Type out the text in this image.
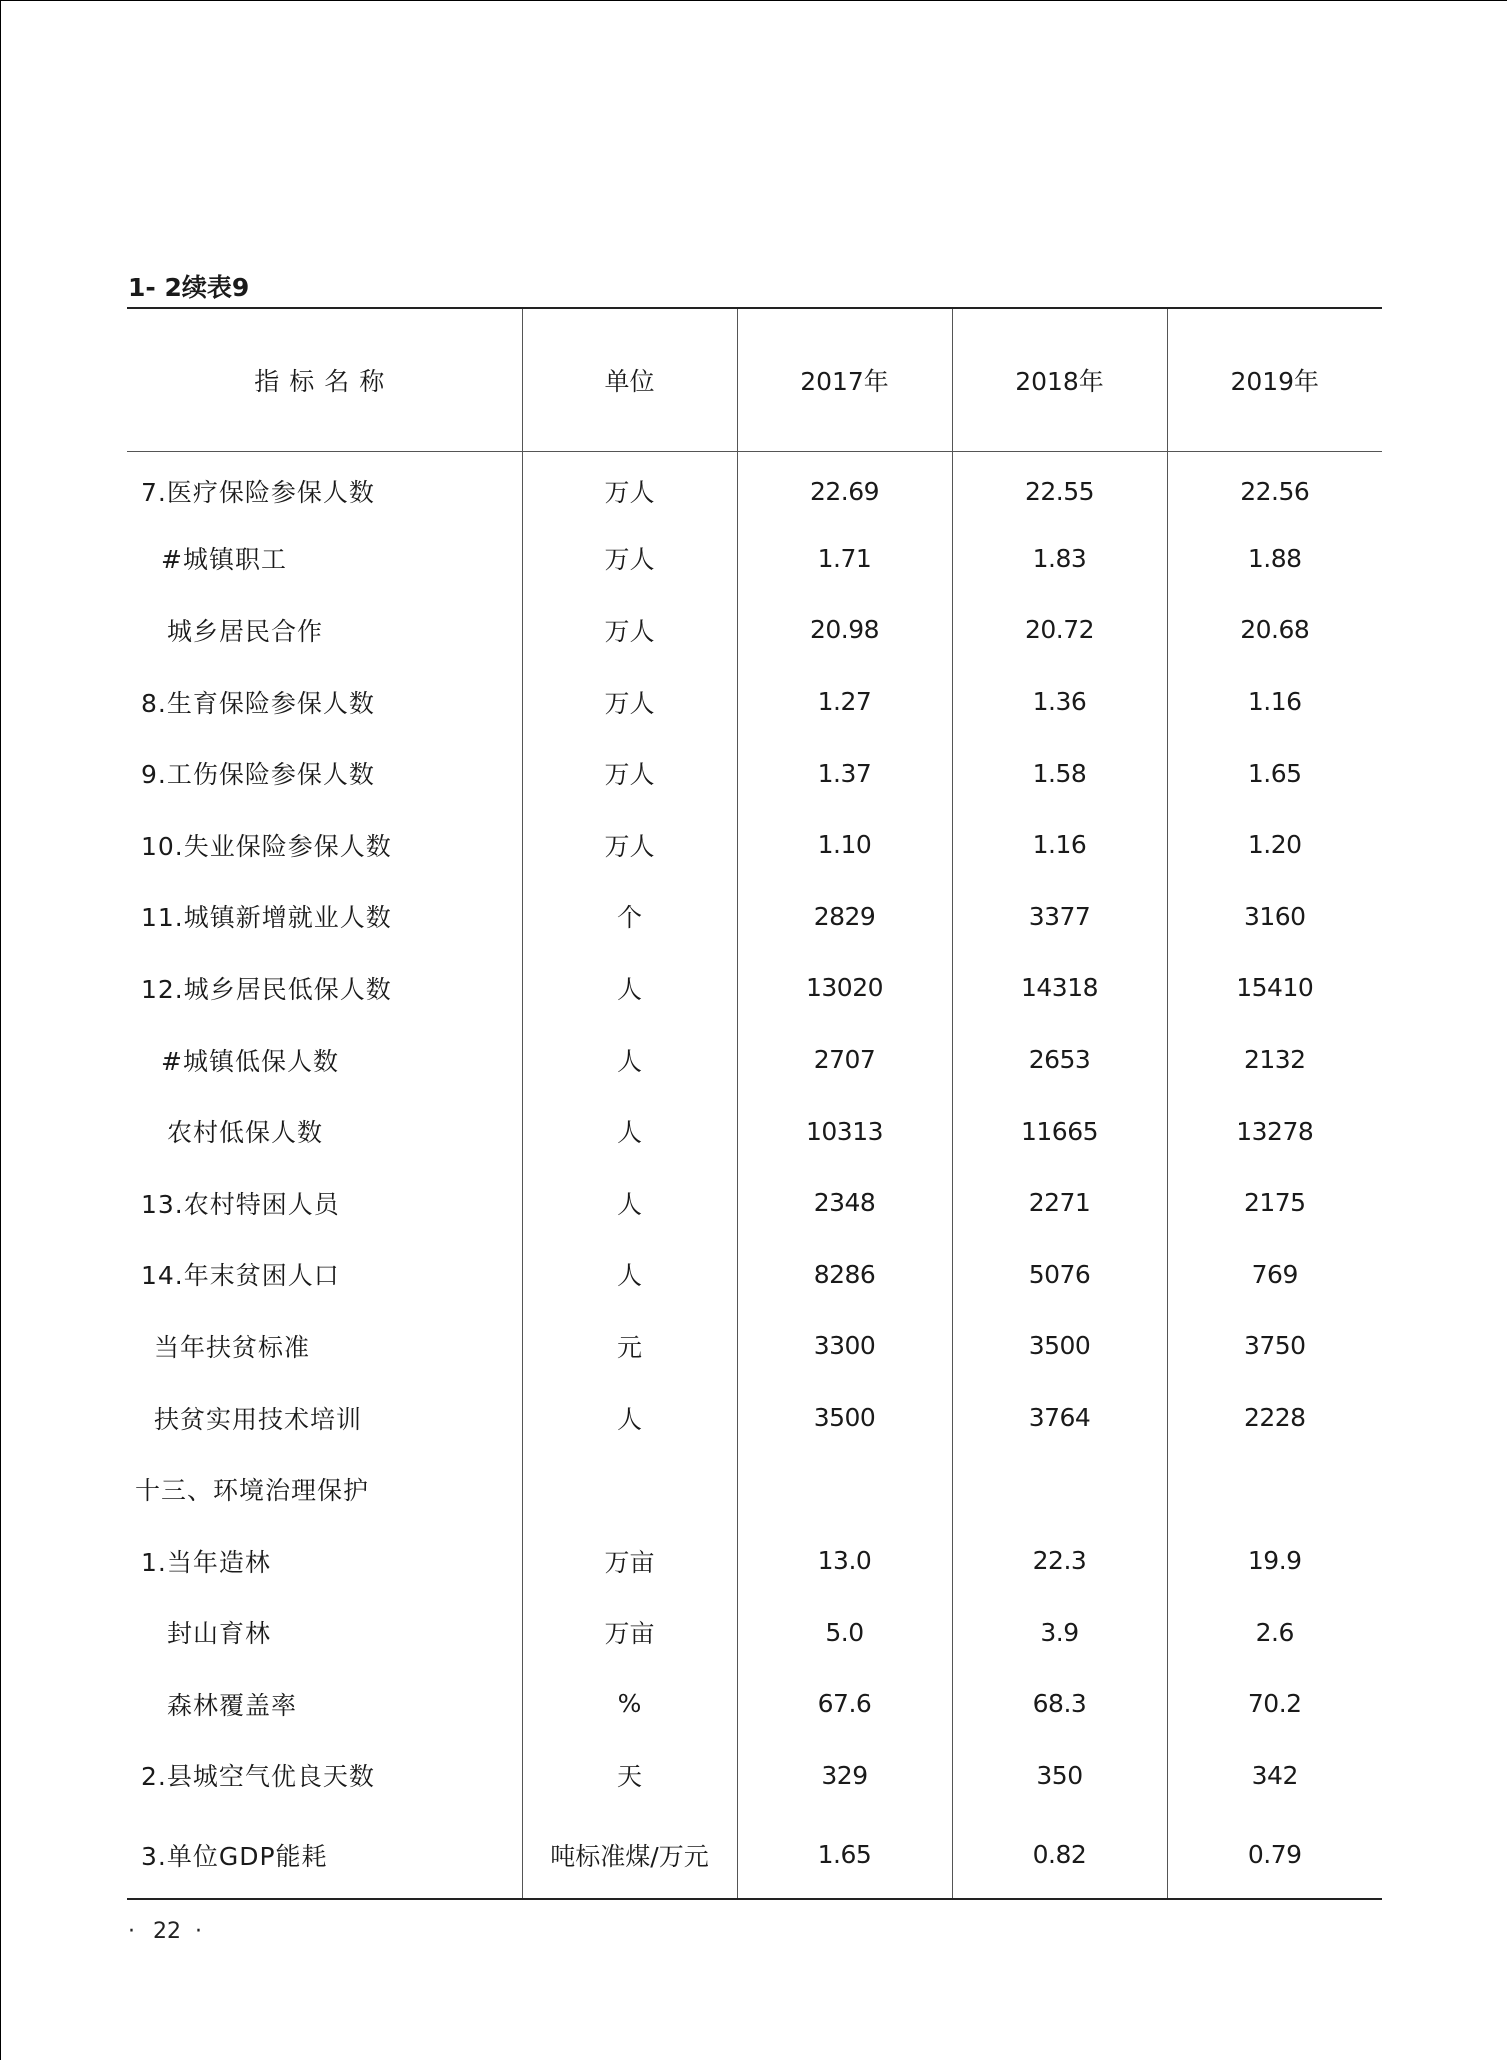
1- 2续表9
指标名称	单位	2017年	2018年	2019年
7.医疗保险参保人数	万人	22.69	22.55	22.56
#城镇职工	万人	1.71	1.83	1.88
城乡居民合作	万人	20.98	20.72	20.68
8.生育保险参保人数	万人	1.27	1.36	1.16
9.工伤保险参保人数	万人	1.37	1.58	1.65
10.失业保险参保人数	万人	1.10	1.16	1.20
11.城镇新增就业人数	个	2829	3377	3160
12.城乡居民低保人数	人	13020	14318	15410
#城镇低保人数	人	2707	2653	2132
农村低保人数	人	10313	11665	13278
13.农村特困人员	人	2348	2271	2175
14.年末贫困人口	人	8286	5076	769
当年扶贫标准	元	3300	3500	3750
扶贫实用技术培训	人	3500	3764	2228
十三、环境治理保护				
1.当年造林	万亩	13.0	22.3	19.9
封山育林	万亩	5.0	3.9	2.6
森林覆盖率	%	67.6	68.3	70.2
2.县城空气优良天数	天	329	350	342
3.单位GDP能耗	吨标准煤/万元	1.65	0.82	0.79
· 22 ·
